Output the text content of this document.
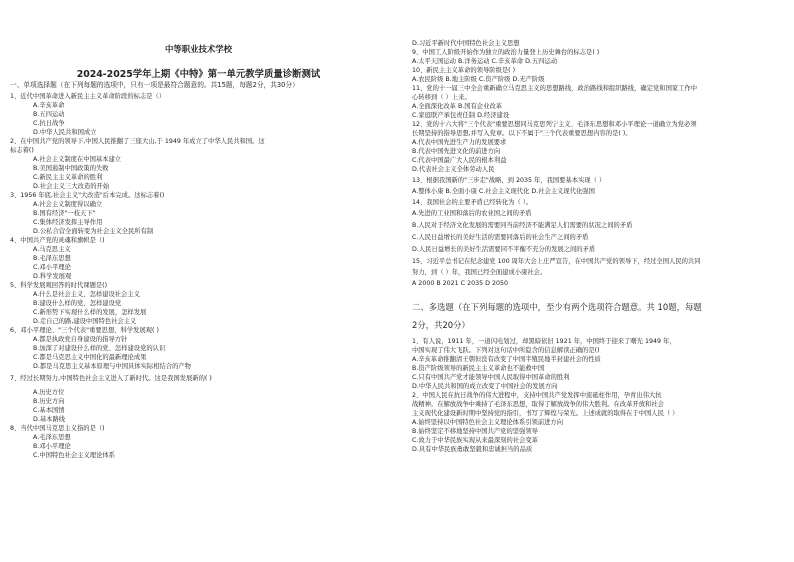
中等职业技术学校
2024-2025学年上期《中特》第一单元教学质量诊断测试
一、单项选择题（在下列每题的选项中，只有一项是最符合题意的。共15题，每题2分，共30分）
1、近代中国革命进入新民主主义革命阶段的标志是（）
A.辛亥革命
B.五四运动
C.抗日战争
D.中华人民共和国成立
2、在中国共产党的领导下,中国人民推翻了三座大山,于 1949 年成立了中华人民共和国。这
标志着()
A.社会主义制度在中国基本建立
B.美国遏制中国政策的失败
C.新民主主义革命的胜利
D.社会主义三大改造的开始
3、1956 年底,社会主义"大改造"后本完成。这标志着()
A.社会主义制度得以确立
B.国有经济"一枝天下"
C.集体经济发挥主导作用
D.公私合营全面转变为社会主义全民所有制
4、中国共产党的灵魂和旗帜是（)
A.马克思主义
B.毛泽东思想
C.邓小平理论
D.科学发展观
5、科学发展观回答的时代课题是()
A.什么是社会主义、怎样建设社会主义
B.建设什么样的党、怎样建设党
C.新形势下实现什么样的发展，怎样发展
D.走自己的路,建设中国特色社会主义
6、邓小平理论、"三个代表"重要思想、科学发展观( )
A.都是执政党自身建设的指导方针
B.加深了对建设什么样的党、怎样建设党的认识
C.都是马克思主义中国化的最新理论成果
D.都是马克思主义基本原理与中国具体实际相结合的产物
7、经过长期努力,中国特色社会主义进入了新时代。这是我国发展新的( )
A.历史方位
B.历史方向
C.基本国情
D.基本路线
8、当代中国马克思主义指的是（)
A.毛泽东思想
B.邓小平理论
C.中国特色社会主义理论体系
D.习近平新时代中国特色社会主义思想
9、中国工人阶级开始作为独立的政治力量登上历史舞台的标志是( )
A.太平天国运动 B.洋务运动 C.辛亥革命 D.五四运动
10、新民主主义革命的领导阶级是( )
A.农民阶级 B.地主阶级 C.资产阶级 D.无产阶级
11、党的十一届三中全会重新确立马克思主义的思想路线，政治路线和组织路线，确定党和国家工作中
心转移到（ ）上来。
A.全面深化改革 B.国有企业改革
C.家庭联产承包责任制 D.经济建设
12、党的十六大将"三个代表"重要思想同马克思列宁主义、毛泽东思想和邓小平理论一道确立为党必须
长期坚持的指导思想,并写入党章。以下不属于"三个代表重要思想内容的是( )。
A.代表中国先进生产力的发展要求
B.代表中国先进文化的前进方向
C.代表中国最广大人民的根本利益
D.代表社会主义全体劳动人民
13、根据我国新的"三步走"战略，到 2035 年，我国要基本实现（ ）
A.整体小康 B.全面小康 C.社会主义现代化 D.社会主义现代化强国
14、我国社会的主要矛盾已经转化为（ ）。
A.先进的工业国和落后的农业国之间的矛盾
B.人民对于经济文化发展的需要同当前经济不能满足人们需要的状况之间的矛盾
C.人民日益增长的美好生活的需要同落后的社会生产之间的矛盾
D.人民日益增长的美好生活需要同不平衡不充分的发展之间的矛盾
15、习近平总书记在纪念建党 100 周年大会上庄严宣告，在中国共产党的领导下，经过全国人民的共同
努力，到（ ）年，我国已经全面建成小康社会。
A 2000 B 2021 C 2035 D 2050
二、多选题（在下列每题的选项中，至少有两个选项符合题意。共 10题，每题
2分，共20分）
1、有人说，1911 年，一道闪电划过，却黑暗依旧 1921 年，中国终于迎来了曙光 1949 年，
中国实现了伟大飞跃。下列对这句话中所隐含的信息解读正确的是()
A.辛亥革命推翻清王朝但没有改变了中国半殖民地半封建社会的性质
B.资产阶级领导的新民主主义革命也不能救中国
C.只有中国共产党才能领导中国人民取得中国革命的胜利
D.中华人民共和国的成立改变了中国社会的发展方向
2、中国人民在抗日战争的伟大进程中，支持中国共产党发挥中流砥柱作用，孕育出伟大抗
战精神。在解放战争中乘持了毛泽东思想，取得了解放战争的伟大胜利。在改革开放和社会
主义现代化建设新时期中坚持党的指引，书写了辉煌与荣光。上述成就的取得在于中国人民（ ）
A.始终坚持以中国特色社会主义理论体系引领前进方向
B.始终坚定不移地坚持中国共产党的坚强领导
C.致力于中华民族实现从来最深刻的社会变革
D.具有中华民族勇敢坚毅和忠诚担当的品质
